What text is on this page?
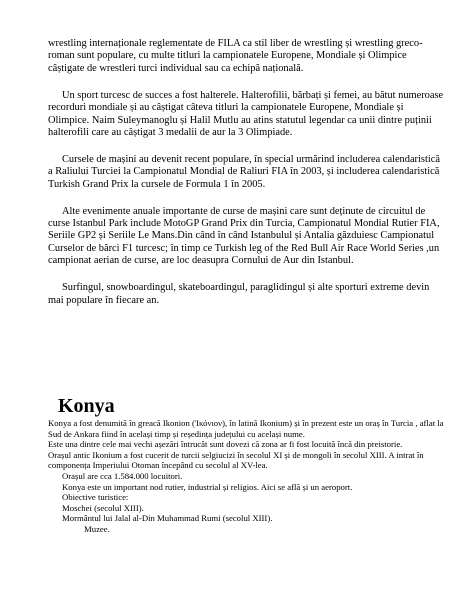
wrestling internaționale reglementate de FILA ca stil liber de wrestling și wrestling greco-roman sunt populare, cu multe titluri la campionatele Europene, Mondiale și Olimpice câștigate de wrestleri turci individual sau ca echipă națională.

Un sport turcesc de succes a fost halterele. Halterofilii, bărbați și femei, au bătut numeroase recorduri mondiale și au câștigat câteva titluri la campionatele Europene, Mondiale și Olimpice. Naim Suleymanoglu și Halil Mutlu au atins statutul legendar ca unii dintre puținii halterofili care au câștigat 3 medalii de aur la 3 Olimpiade.

Cursele de mașini au devenit recent populare, în special urmărind includerea calendaristică a Raliului Turciei la Campionatul Mondial de Raliuri FIA în 2003, și includerea calendaristică Turkish Grand Prix la cursele de Formula 1 în 2005.

Alte evenimente anuale importante de curse de mașini care sunt deținute de circuitul de curse Istanbul Park include MotoGP Grand Prix din Turcia, Campionatul Mondial Rutier FIA, Seriile GP2 și Seriile Le Mans.Din când în când Istanbulul și Antalia găzduiesc Campionatul Curselor de bărci F1 turcesc; în timp ce Turkish leg of the Red Bull Air Race World Series ,un campionat aerian de curse, are loc deasupra Cornului de Aur din Istanbul.

Surfingul, snowboardingul, skateboardingul, paraglidingul și alte sporturi extreme devin mai populare în fiecare an.

Konya

Konya a fost denumită în greacă Ikonion (Ἰκόνιον), în latină Ikonium) și în prezent este un oraș în Turcia , aflat la Sud de Ankara fiind în același timp și reședința județului cu același nume.

Este una dintre cele mai vechi așezări întrucât sunt dovezi că zona ar fi fost locuită încă din preistorie.

Orașul antic Ikonium a fost cucerit de turcii selgiucizi în secolul XI și de mongoli în secolul XIII. A intrat în componența Imperiului Otoman începând cu secolul al XV-lea.

Orașul are cca 1.584.000 locuitori.

Konya este un important nod rutier, industrial și religios. Aici se află și un aeroport.

Obiective turistice:

Moschei (secolul XIII).

Mormântul lui Jalal al-Din Muhammad Rumi (secolul XIII).

Muzee.
